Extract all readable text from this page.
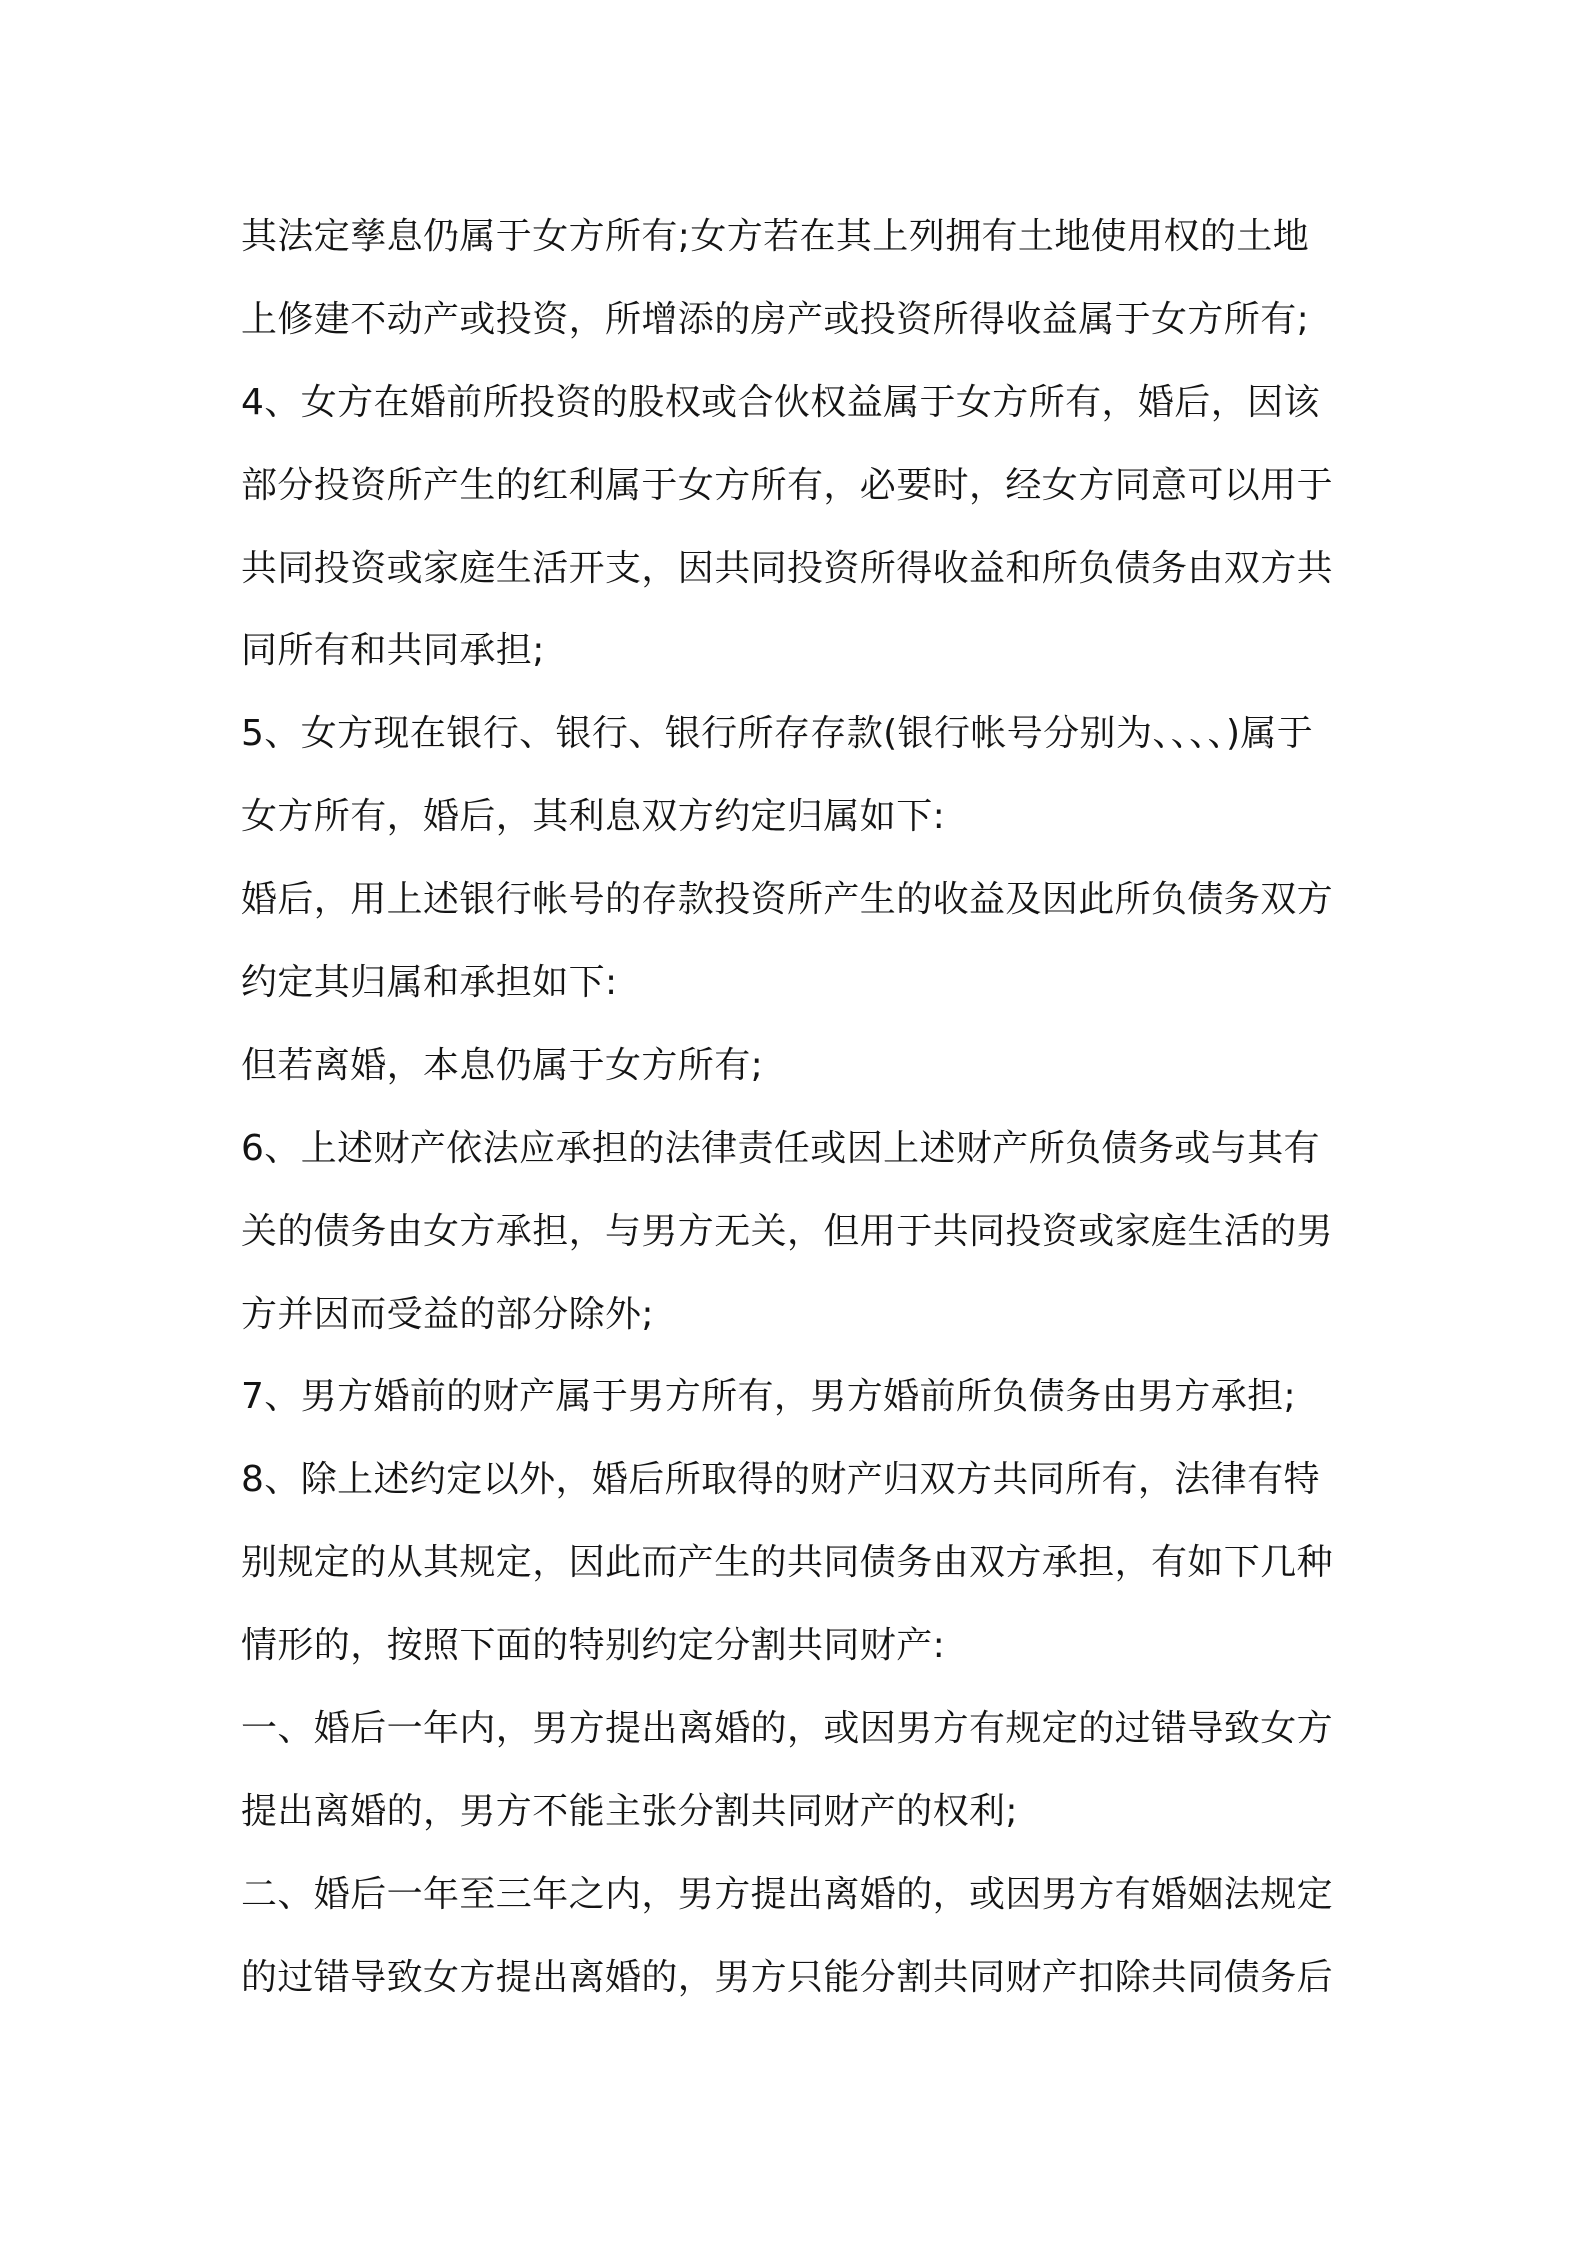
其法定孳息仍属于女方所有;女方若在其上列拥有土地使用权的土地
上修建不动产或投资，所增添的房产或投资所得收益属于女方所有;
4、女方在婚前所投资的股权或合伙权益属于女方所有，婚后，因该
部分投资所产生的红利属于女方所有，必要时，经女方同意可以用于
共同投资或家庭生活开支，因共同投资所得收益和所负债务由双方共
同所有和共同承担;
5、女方现在银行、银行、银行所存存款(银行帐号分别为、、、、)属于
女方所有，婚后，其利息双方约定归属如下:
婚后，用上述银行帐号的存款投资所产生的收益及因此所负债务双方
约定其归属和承担如下:
但若离婚，本息仍属于女方所有;
6、上述财产依法应承担的法律责任或因上述财产所负债务或与其有
关的债务由女方承担，与男方无关，但用于共同投资或家庭生活的男
方并因而受益的部分除外;
7、男方婚前的财产属于男方所有，男方婚前所负债务由男方承担;
8、除上述约定以外，婚后所取得的财产归双方共同所有，法律有特
别规定的从其规定，因此而产生的共同债务由双方承担，有如下几种
情形的，按照下面的特别约定分割共同财产:
一、婚后一年内，男方提出离婚的，或因男方有规定的过错导致女方
提出离婚的，男方不能主张分割共同财产的权利;
二、婚后一年至三年之内，男方提出离婚的，或因男方有婚姻法规定
的过错导致女方提出离婚的，男方只能分割共同财产扣除共同债务后
